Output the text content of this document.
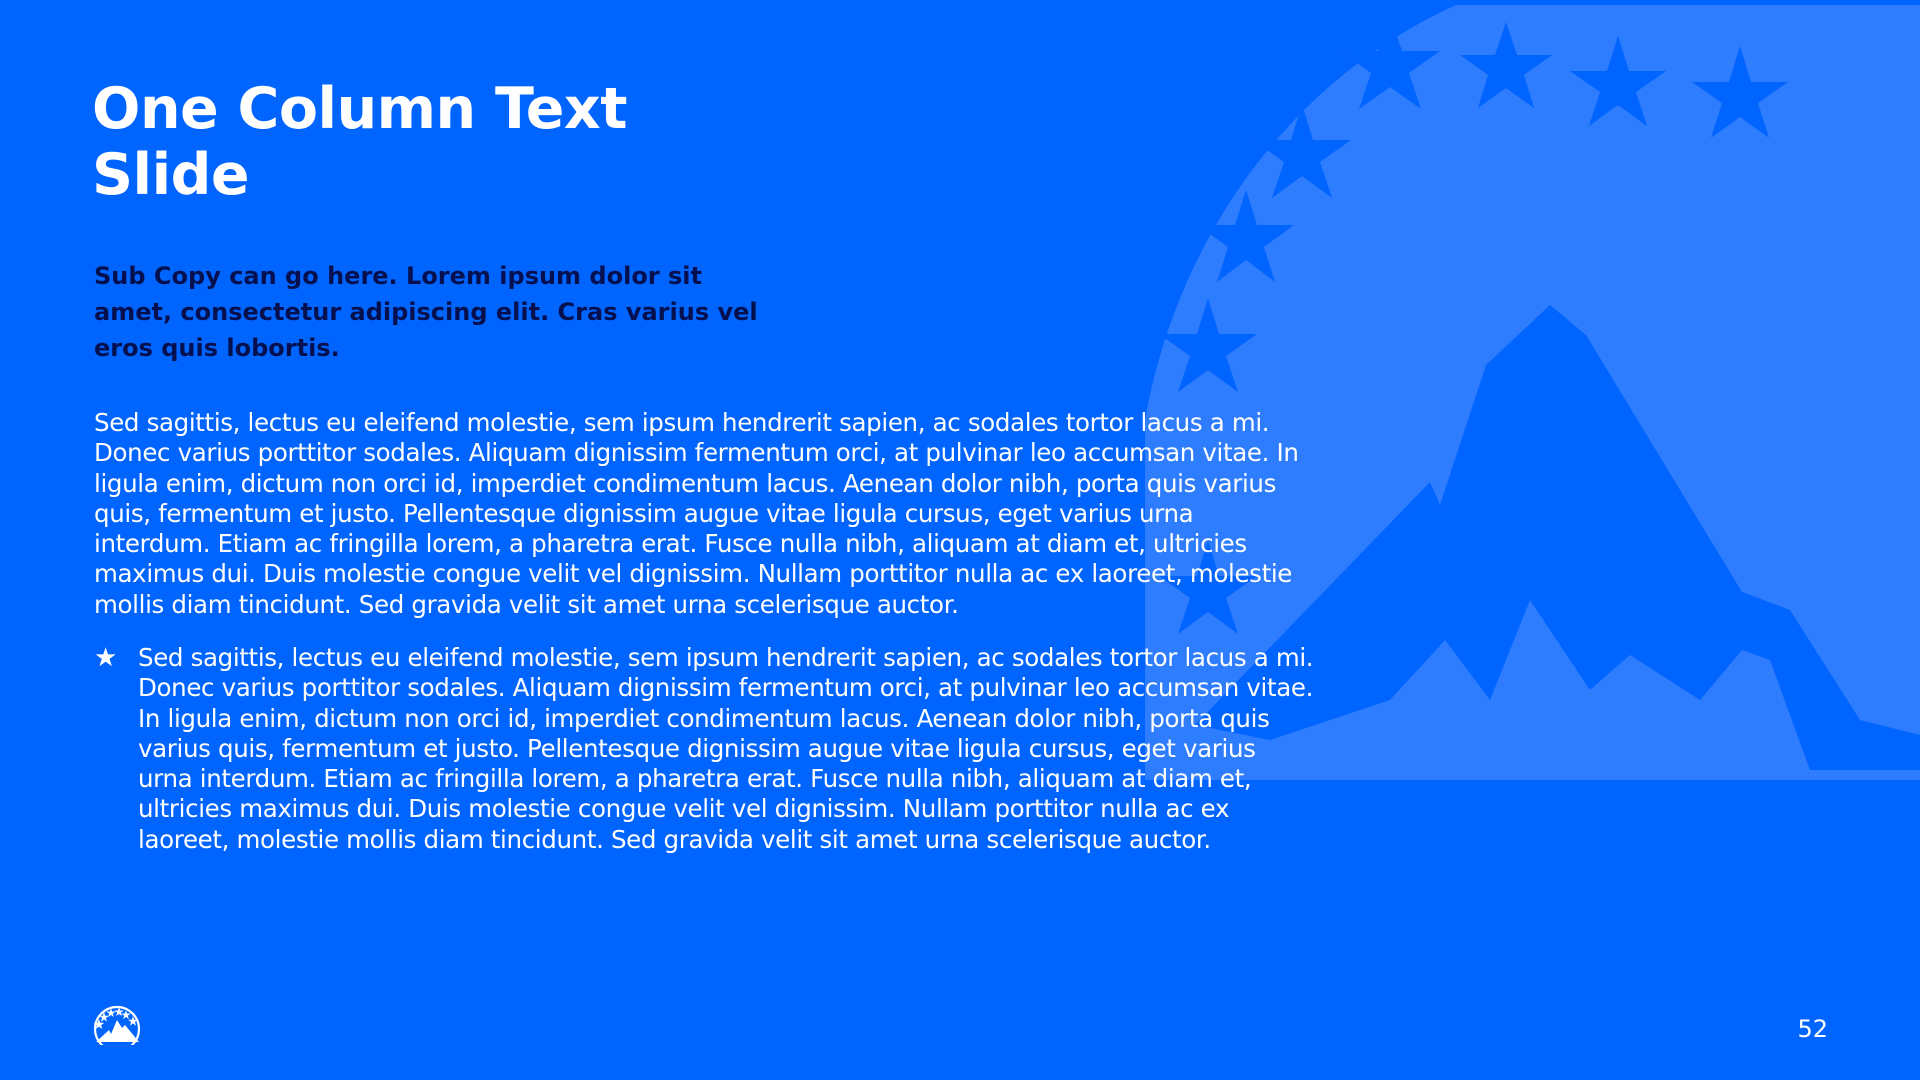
One Column Text Slide

Sub Copy can go here. Lorem ipsum dolor sit amet, consectetur adipiscing elit. Cras varius vel eros quis lobortis.

Sed sagittis, lectus eu eleifend molestie, sem ipsum hendrerit sapien, ac sodales tortor lacus a mi. Donec varius porttitor sodales. Aliquam dignissim fermentum orci, at pulvinar leo accumsan vitae. In ligula enim, dictum non orci id, imperdiet condimentum lacus. Aenean dolor nibh, porta quis varius quis, fermentum et justo. Pellentesque dignissim augue vitae ligula cursus, eget varius urna interdum. Etiam ac fringilla lorem, a pharetra erat. Fusce nulla nibh, aliquam at diam et, ultricies maximus dui. Duis molestie congue velit vel dignissim. Nullam porttitor nulla ac ex laoreet, molestie mollis diam tincidunt. Sed gravida velit sit amet urna scelerisque auctor.

★ Sed sagittis, lectus eu eleifend molestie, sem ipsum hendrerit sapien, ac sodales tortor lacus a mi. Donec varius porttitor sodales. Aliquam dignissim fermentum orci, at pulvinar leo accumsan vitae. In ligula enim, dictum non orci id, imperdiet condimentum lacus. Aenean dolor nibh, porta quis varius quis, fermentum et justo. Pellentesque dignissim augue vitae ligula cursus, eget varius urna interdum. Etiam ac fringilla lorem, a pharetra erat. Fusce nulla nibh, aliquam at diam et, ultricies maximus dui. Duis molestie congue velit vel dignissim. Nullam porttitor nulla ac ex laoreet, molestie mollis diam tincidunt. Sed gravida velit sit amet urna scelerisque auctor.
52
